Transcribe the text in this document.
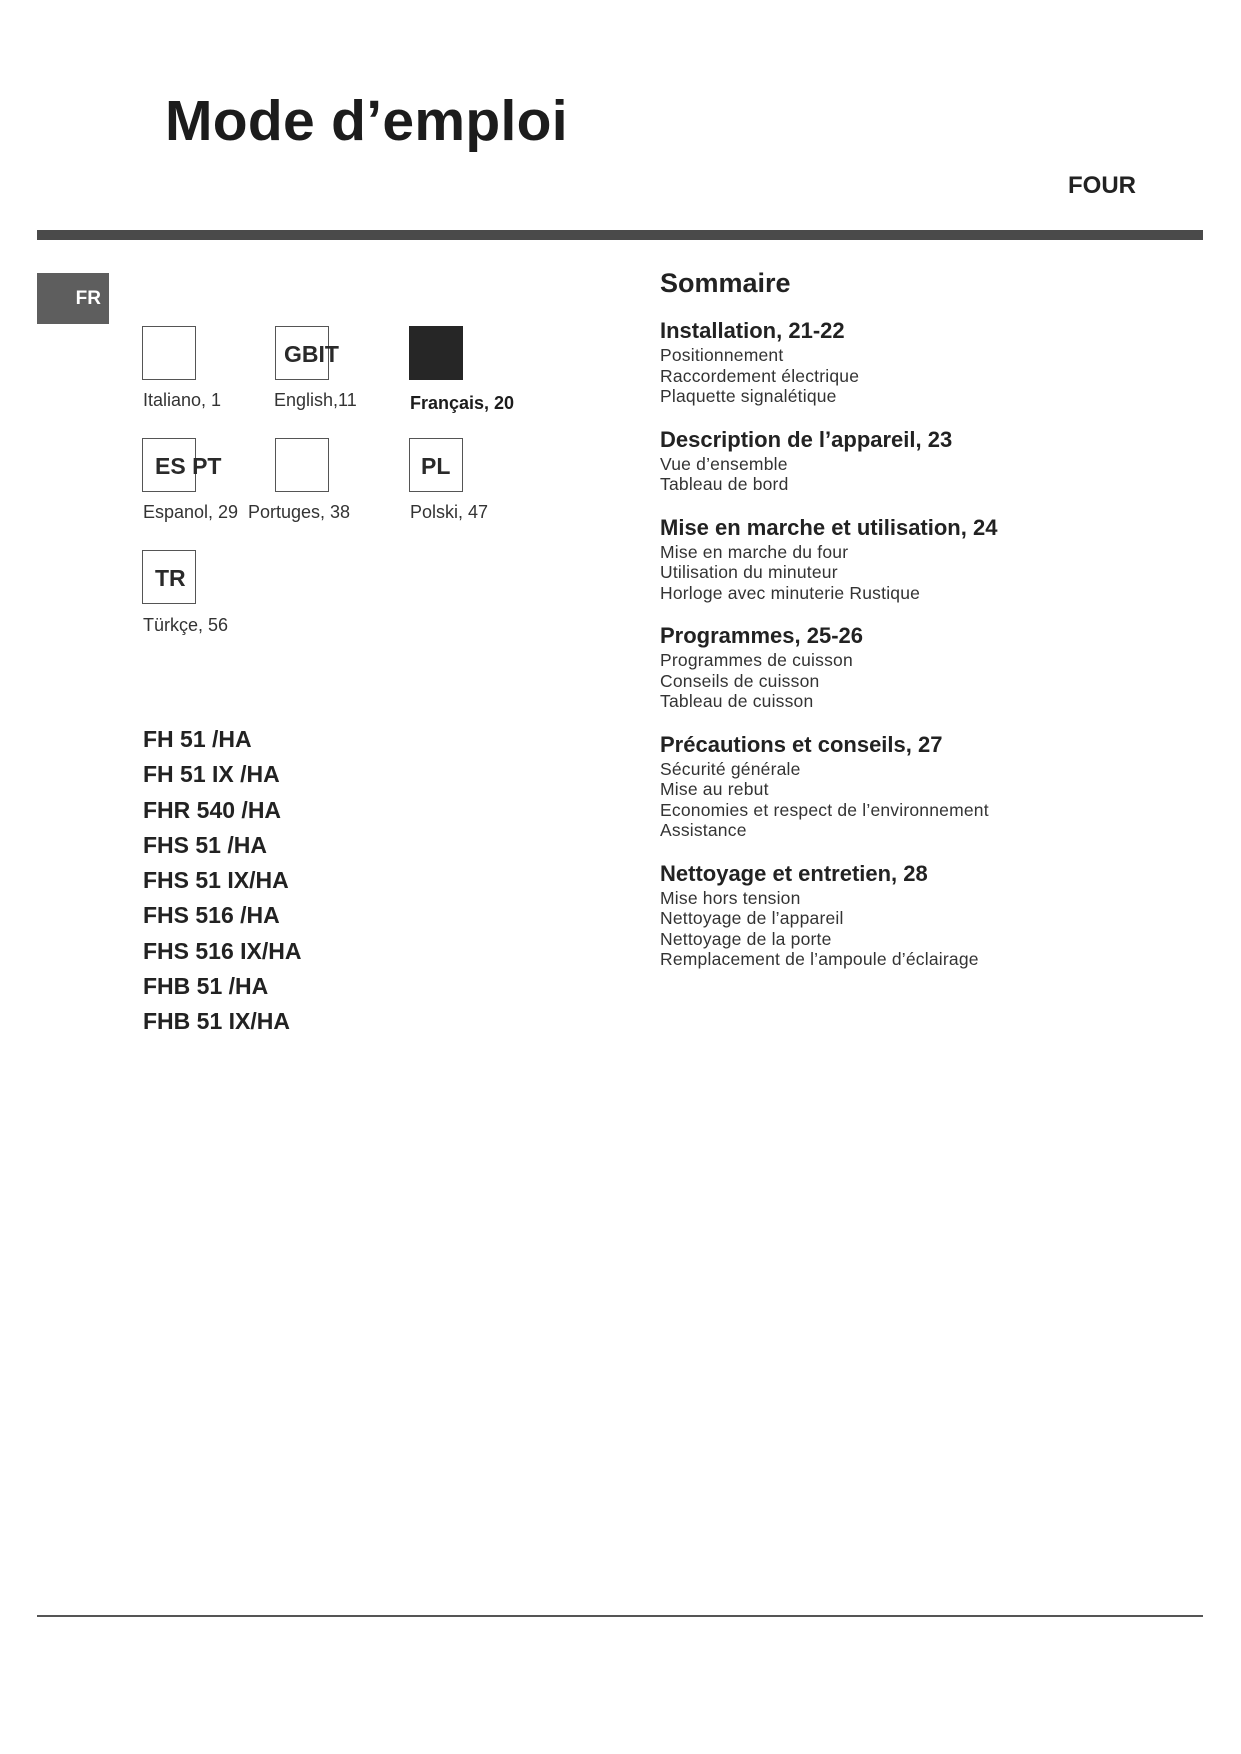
Mode d’emploi
FOUR
FR
Italiano, 1
GBIT
English,11	Français, 20
ES PT
Espanol, 29 Portuges, 38
PL
Polski, 47
TR
Türkçe, 56
FH 51 /HA
FH 51 IX /HA
FHR 540 /HA
FHS 51 /HA
FHS 51 IX/HA
FHS 516 /HA
FHS 516 IX/HA
FHB 51 /HA
FHB 51 IX/HA
Sommaire
Installation, 21-22
Positionnement
Raccordement électrique
Plaquette signalétique
Description de l’appareil, 23
Vue d’ensemble
Tableau de bord
Mise en marche et utilisation, 24
Mise en marche du four
Utilisation du minuteur
Horloge avec minuterie Rustique
Programmes, 25-26
Programmes de cuisson
Conseils de cuisson
Tableau de cuisson
Précautions et conseils, 27
Sécurité générale
Mise au rebut
Economies et respect de l’environnement
Assistance
Nettoyage et entretien, 28
Mise hors tension
Nettoyage de l’appareil
Nettoyage de la porte
Remplacement de l’ampoule d’éclairage
